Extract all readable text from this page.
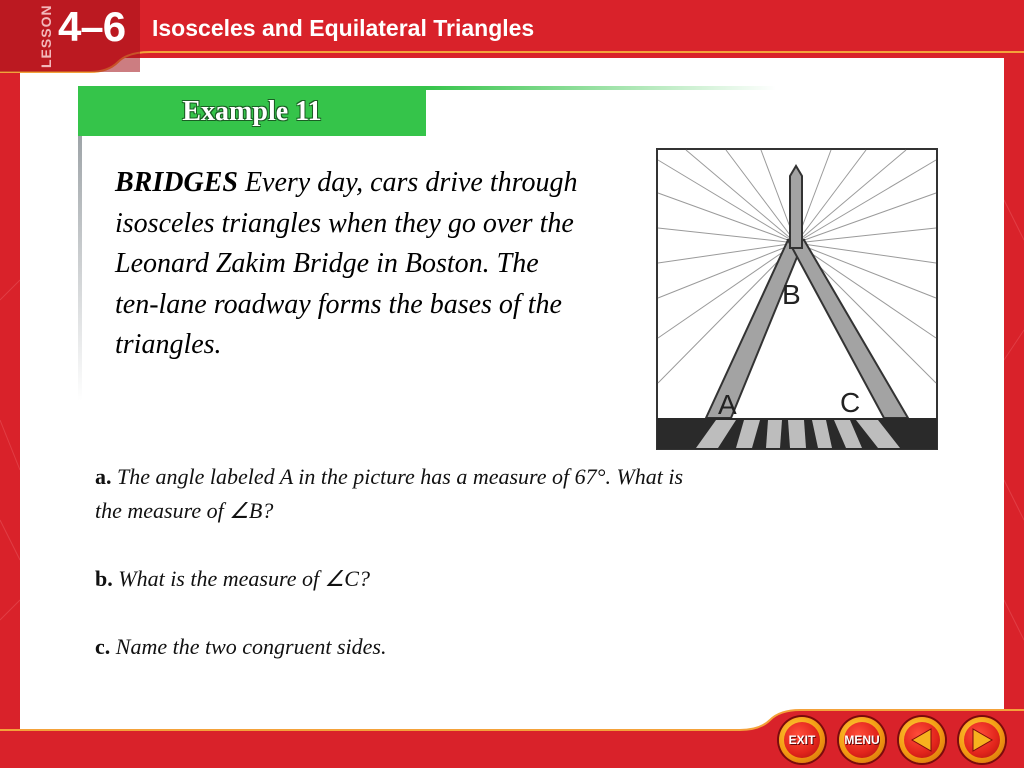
LESSON 4–6 Isosceles and Equilateral Triangles
Example 11
BRIDGES Every day, cars drive through isosceles triangles when they go over the Leonard Zakim Bridge in Boston. The ten-lane roadway forms the bases of the triangles.
B
A	C
a. The angle labeled A in the picture has a measure of 67°. What is the measure of ∠B?
b. What is the measure of ∠C?
c. Name the two congruent sides.
EXIT	MENU
